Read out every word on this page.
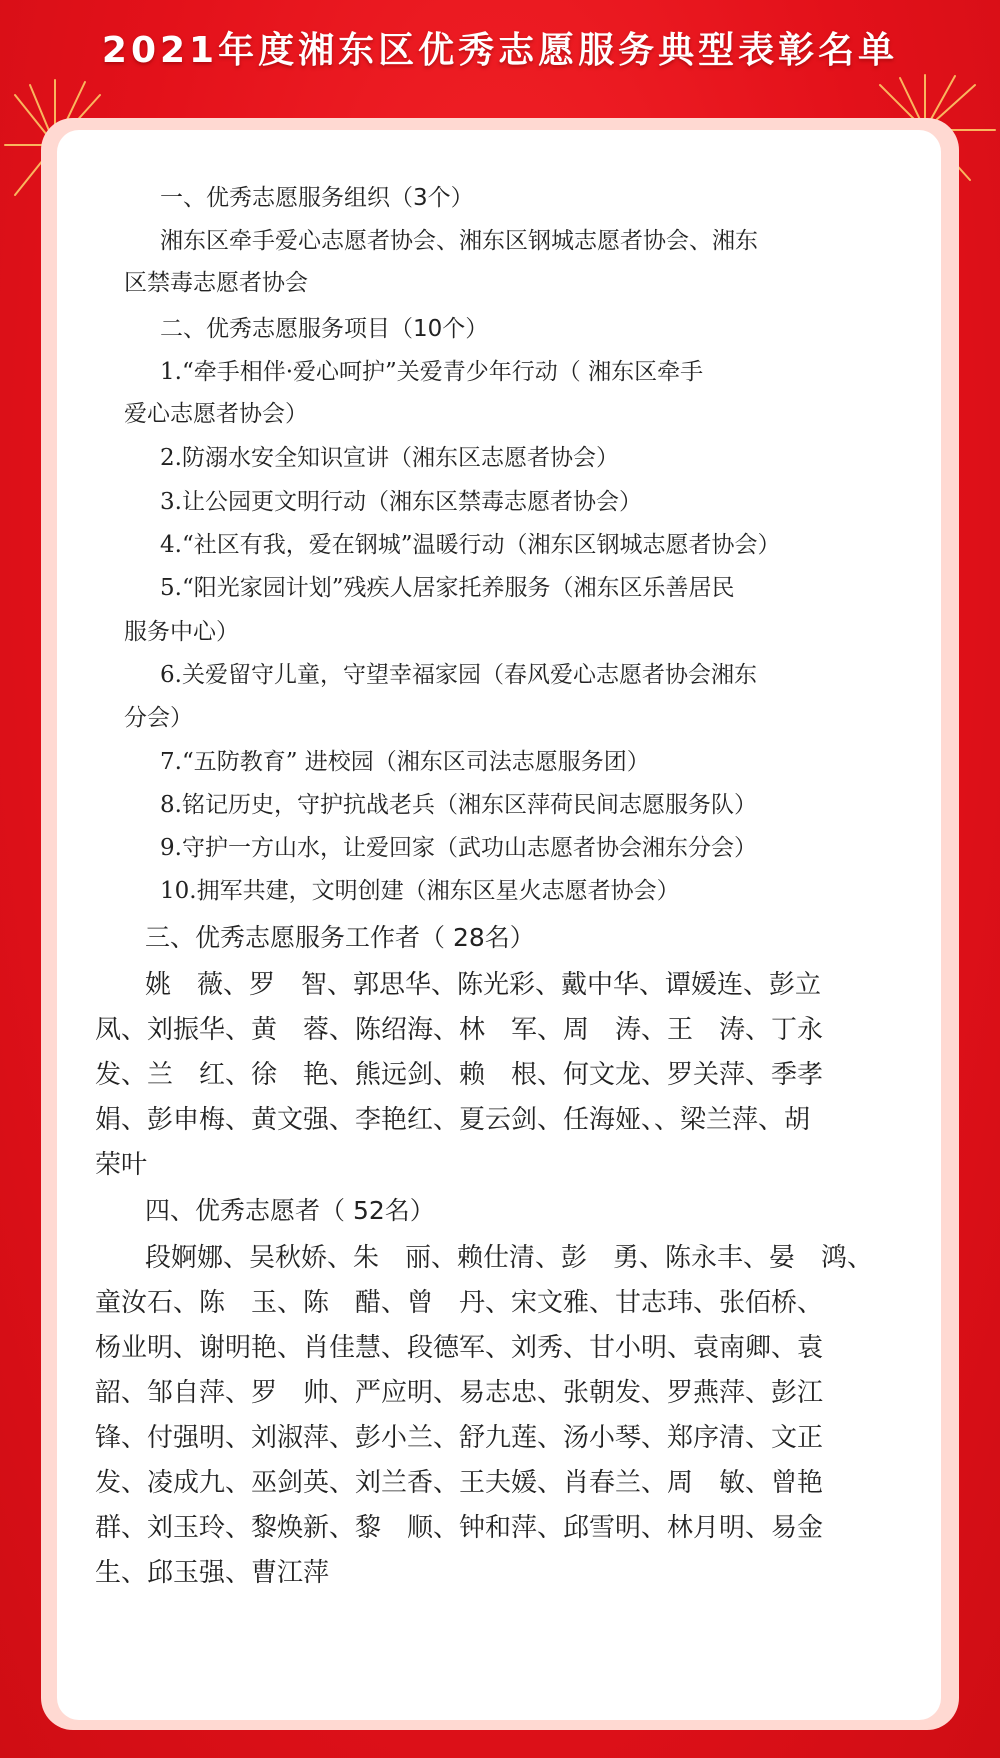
2021年度湘东区优秀志愿服务典型表彰名单
一、优秀志愿服务组织（3个）
湘东区牵手爱心志愿者协会、湘东区钢城志愿者协会、湘东
区禁毒志愿者协会
二、优秀志愿服务项目（10个）
1.“牵手相伴·爱心呵护”关爱青少年行动（ 湘东区牵手
爱心志愿者协会）
2.防溺水安全知识宣讲（湘东区志愿者协会）
3.让公园更文明行动（湘东区禁毒志愿者协会）
4.“社区有我，爱在钢城”温暖行动（湘东区钢城志愿者协会）
5.“阳光家园计划”残疾人居家托养服务（湘东区乐善居民
服务中心）
6.关爱留守儿童，守望幸福家园（春风爱心志愿者协会湘东
分会）
7.“五防教育” 进校园（湘东区司法志愿服务团）
8.铭记历史，守护抗战老兵（湘东区萍荷民间志愿服务队）
9.守护一方山水，让爱回家（武功山志愿者协会湘东分会）
10.拥军共建，文明创建（湘东区星火志愿者协会）
三、优秀志愿服务工作者（ 28名）
姚　薇、罗　智、郭思华、陈光彩、戴中华、谭媛连、彭立
凤、刘振华、黄　蓉、陈绍海、林　军、周　涛、王　涛、丁永
发、兰　红、徐　艳、熊远剑、赖　根、何文龙、罗关萍、季孝
娟、彭申梅、黄文强、李艳红、夏云剑、任海娅、、梁兰萍、胡
荣叶
四、优秀志愿者（ 52名）
段婀娜、吴秋娇、朱　丽、赖仕清、彭　勇、陈永丰、晏　鸿、
童汝石、陈　玉、陈　醋、曾　丹、宋文雅、甘志玮、张佰桥、
杨业明、谢明艳、肖佳慧、段德军、刘秀、甘小明、袁南卿、袁
韶、邹自萍、罗　帅、严应明、易志忠、张朝发、罗燕萍、彭江
锋、付强明、刘淑萍、彭小兰、舒九莲、汤小琴、郑序清、文正
发、凌成九、巫剑英、刘兰香、王夫媛、肖春兰、周　敏、曾艳
群、刘玉玲、黎焕新、黎　顺、钟和萍、邱雪明、林月明、易金
生、邱玉强、曹江萍
